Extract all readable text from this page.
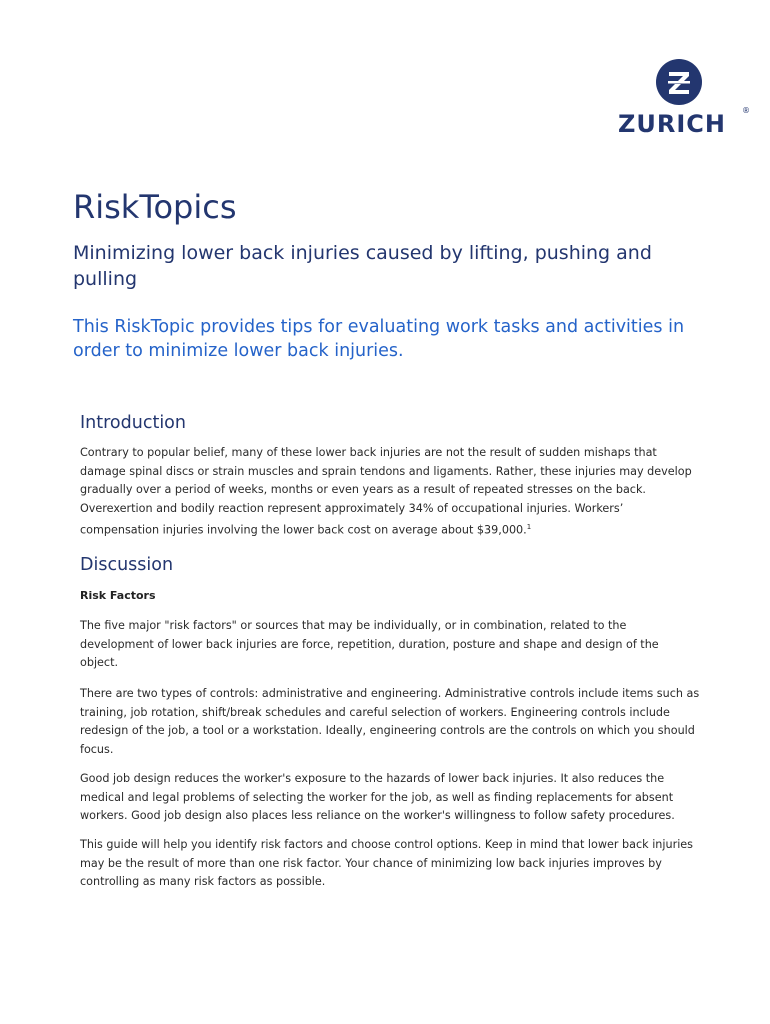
ZURICH ®
RiskTopics

Minimizing lower back injuries caused by lifting, pushing and pulling

This RiskTopic provides tips for evaluating work tasks and activities in order to minimize lower back injuries.

Introduction

Contrary to popular belief, many of these lower back injuries are not the result of sudden mishaps that damage spinal discs or strain muscles and sprain tendons and ligaments. Rather, these injuries may develop gradually over a period of weeks, months or even years as a result of repeated stresses on the back. Overexertion and bodily reaction represent approximately 34% of occupational injuries. Workers’ compensation injuries involving the lower back cost on average about $39,000.$^1$

Discussion
Risk Factors

The five major "risk factors" or sources that may be individually, or in combination, related to the development of lower back injuries are force, repetition, duration, posture and shape and design of the object.

There are two types of controls: administrative and engineering. Administrative controls include items such as training, job rotation, shift/break schedules and careful selection of workers. Engineering controls include redesign of the job, a tool or a workstation. Ideally, engineering controls are the controls on which you should focus.

Good job design reduces the worker's exposure to the hazards of lower back injuries. It also reduces the medical and legal problems of selecting the worker for the job, as well as finding replacements for absent workers. Good job design also places less reliance on the worker's willingness to follow safety procedures.

This guide will help you identify risk factors and choose control options. Keep in mind that lower back injuries may be the result of more than one risk factor. Your chance of minimizing low back injuries improves by controlling as many risk factors as possible.
